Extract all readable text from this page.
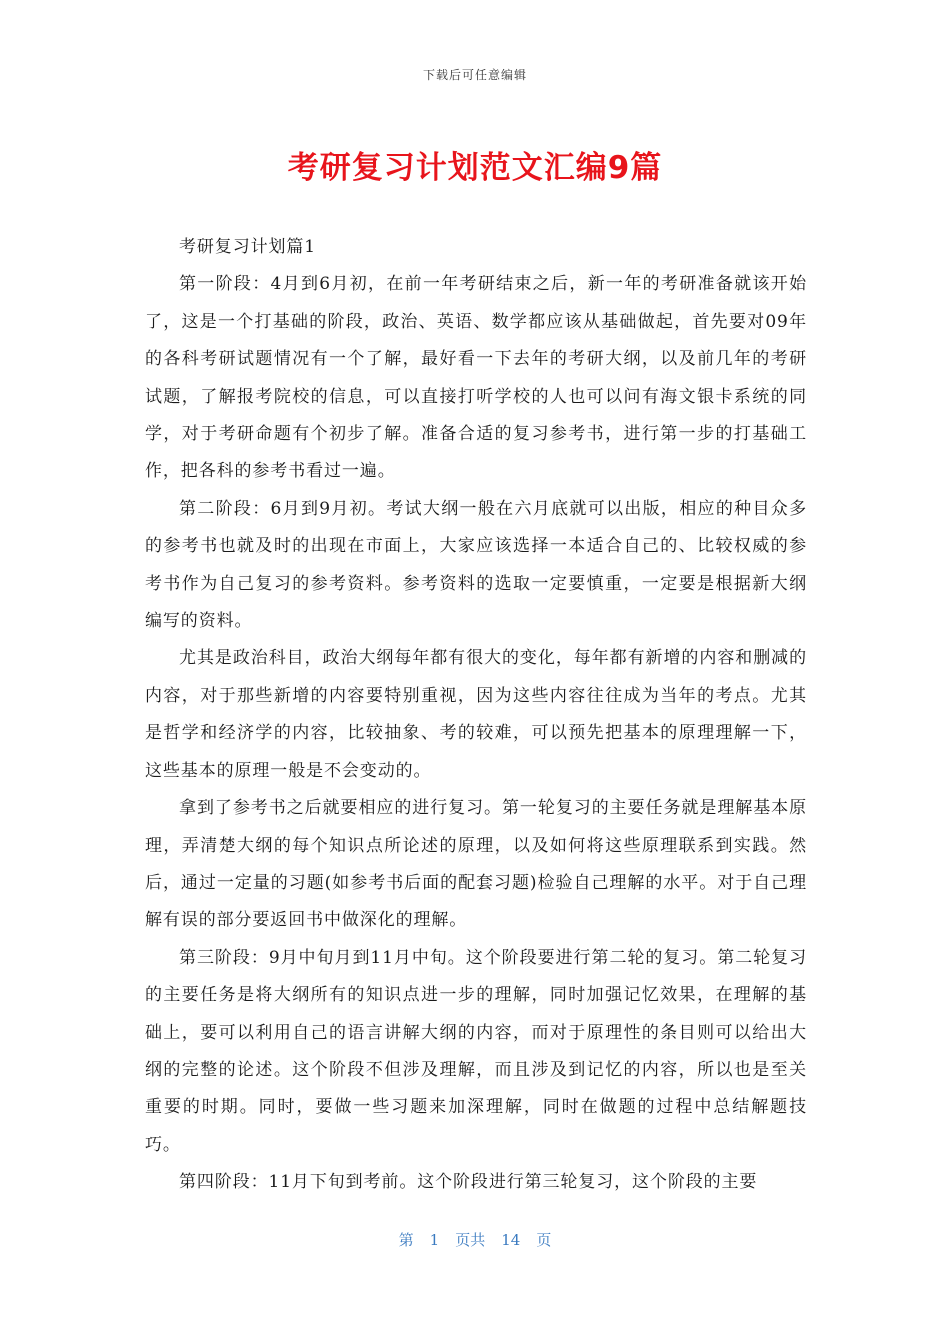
下载后可任意编辑
考研复习计划范文汇编9篇

考研复习计划篇1

第一阶段：4月到6月初，在前一年考研结束之后，新一年的考研准备就该开始了，这是一个打基础的阶段，政治、英语、数学都应该从基础做起，首先要对09年的各科考研试题情况有一个了解，最好看一下去年的考研大纲，以及前几年的考研试题，了解报考院校的信息，可以直接打听学校的人也可以问有海文银卡系统的同学，对于考研命题有个初步了解。准备合适的复习参考书，进行第一步的打基础工作，把各科的参考书看过一遍。

第二阶段：6月到9月初。考试大纲一般在六月底就可以出版，相应的种目众多的参考书也就及时的出现在市面上，大家应该选择一本适合自己的、比较权威的参考书作为自己复习的参考资料。参考资料的选取一定要慎重，一定要是根据新大纲编写的资料。

尤其是政治科目，政治大纲每年都有很大的变化，每年都有新增的内容和删减的内容，对于那些新增的内容要特别重视，因为这些内容往往成为当年的考点。尤其是哲学和经济学的内容，比较抽象、考的较难，可以预先把基本的原理理解一下，这些基本的原理一般是不会变动的。

拿到了参考书之后就要相应的进行复习。第一轮复习的主要任务就是理解基本原理，弄清楚大纲的每个知识点所论述的原理，以及如何将这些原理联系到实践。然后，通过一定量的习题(如参考书后面的配套习题)检验自己理解的水平。对于自己理解有误的部分要返回书中做深化的理解。

第三阶段：9月中旬月到11月中旬。这个阶段要进行第二轮的复习。第二轮复习的主要任务是将大纲所有的知识点进一步的理解，同时加强记忆效果，在理解的基础上，要可以利用自己的语言讲解大纲的内容，而对于原理性的条目则可以给出大纲的完整的论述。这个阶段不但涉及理解，而且涉及到记忆的内容，所以也是至关重要的时期。同时，要做一些习题来加深理解，同时在做题的过程中总结解题技巧。

第四阶段：11月下旬到考前。这个阶段进行第三轮复习，这个阶段的主要

第 1 页共 14 页
